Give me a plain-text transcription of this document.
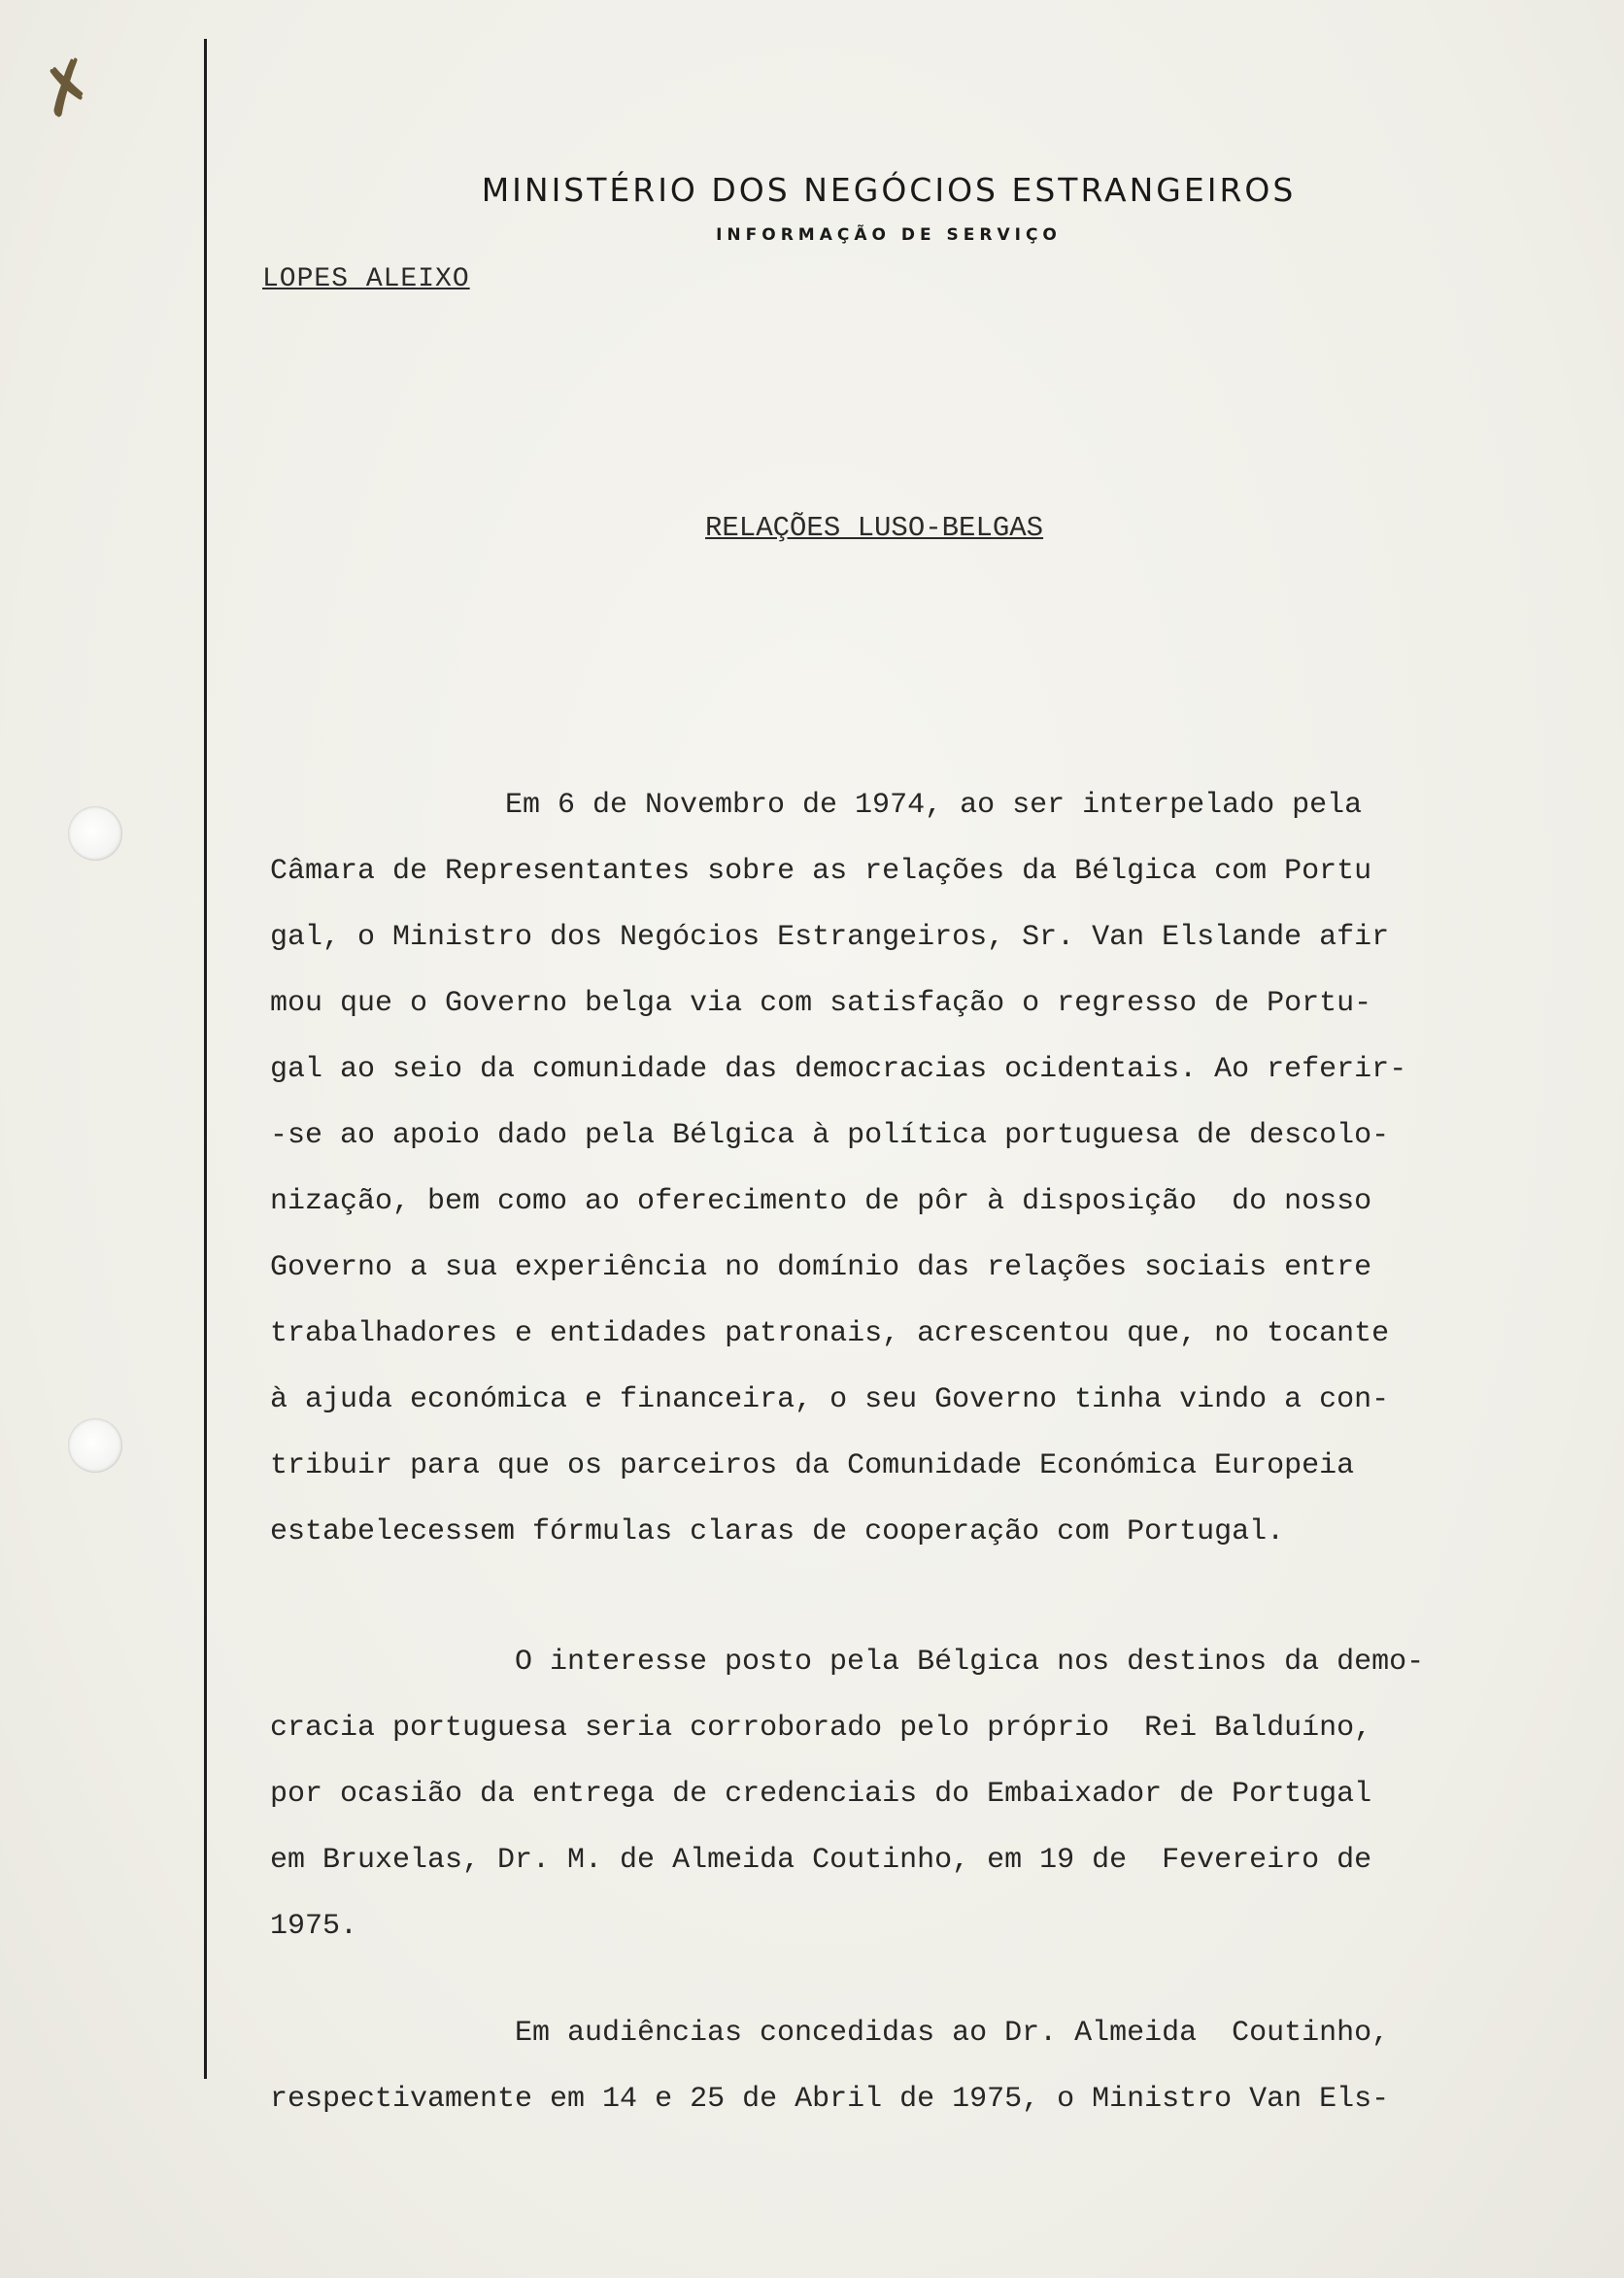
✗
MINISTÉRIO DOS NEGÓCIOS ESTRANGEIROS
INFORMAÇÃO DE SERVIÇO
LOPES ALEIXO
RELAÇÕES LUSO-BELGAS
Em 6 de Novembro de 1974, ao ser interpelado pela
Câmara de Representantes sobre as relações da Bélgica com Portu
gal, o Ministro dos Negócios Estrangeiros, Sr. Van Elslande afir
mou que o Governo belga via com satisfação o regresso de Portu-
gal ao seio da comunidade das democracias ocidentais. Ao referir-
-se ao apoio dado pela Bélgica à política portuguesa de descolo-
nização, bem como ao oferecimento de pôr à disposição  do nosso
Governo a sua experiência no domínio das relações sociais entre
trabalhadores e entidades patronais, acrescentou que, no tocante
à ajuda económica e financeira, o seu Governo tinha vindo a con-
tribuir para que os parceiros da Comunidade Económica Europeia
estabelecessem fórmulas claras de cooperação com Portugal.
O interesse posto pela Bélgica nos destinos da demo-
cracia portuguesa seria corroborado pelo próprio  Rei Balduíno,
por ocasião da entrega de credenciais do Embaixador de Portugal
em Bruxelas, Dr. M. de Almeida Coutinho, em 19 de  Fevereiro de
1975.
Em audiências concedidas ao Dr. Almeida  Coutinho,
respectivamente em 14 e 25 de Abril de 1975, o Ministro Van Els-
